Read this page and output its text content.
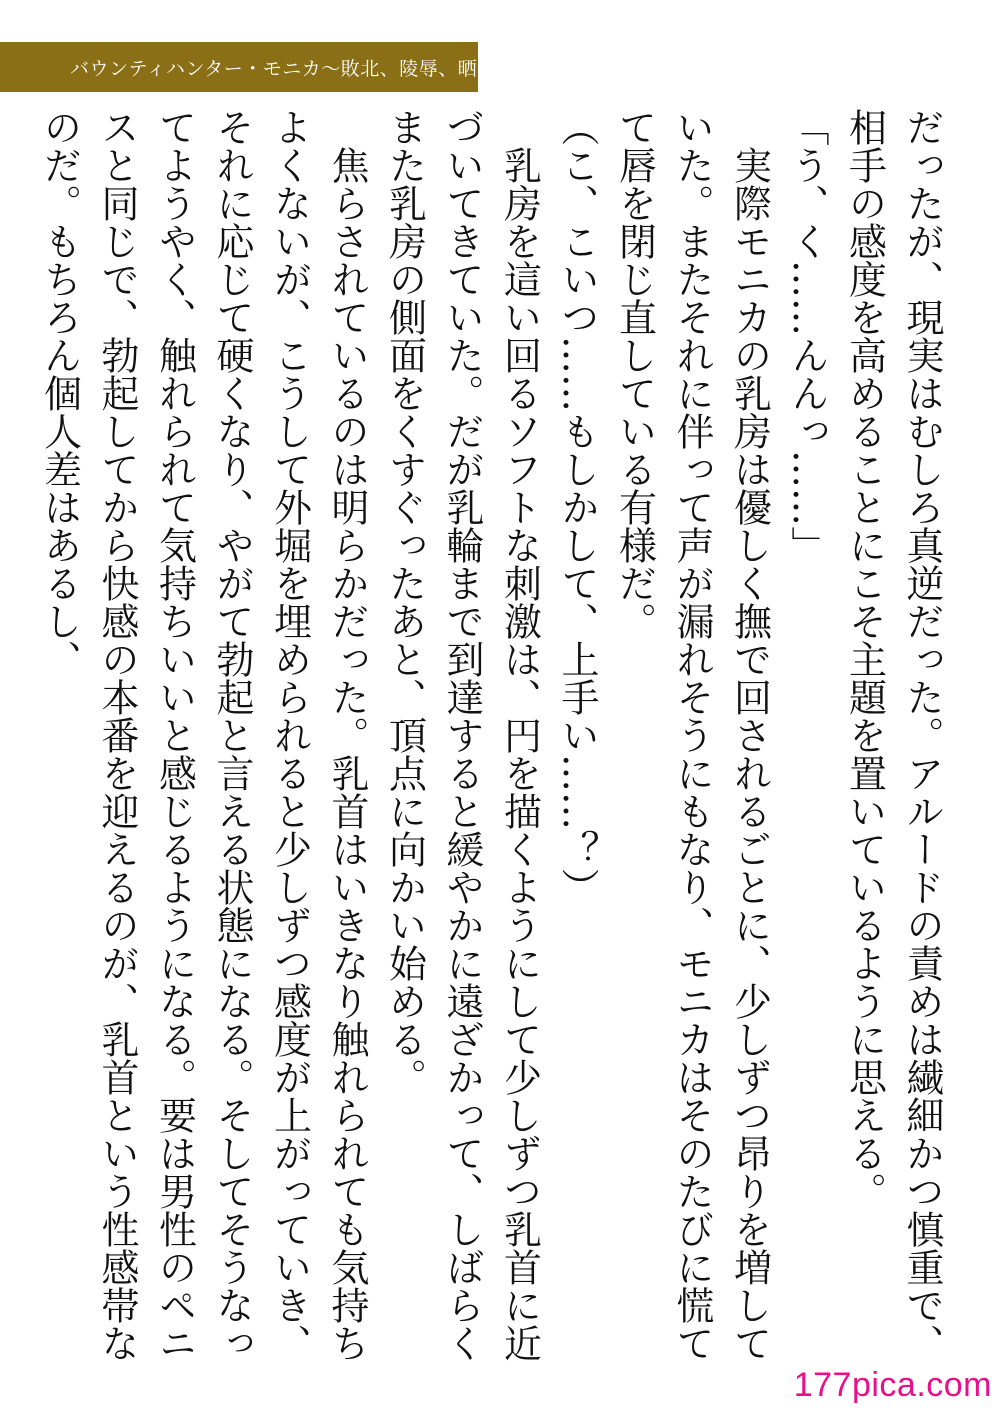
バウンティハンター・モニカ〜敗北、陵辱、晒し者〜

だったが、現実はむしろ真逆だった。アルードの責めは繊細かつ慎重で、相手の感度を高めることにこそ主題を置いているように思える。

「う、く……んんっ……」

実際モニカの乳房は優しく撫で回されるごとに、少しずつ昂りを増していた。またそれに伴って声が漏れそうにもなり、モニカはそのたびに慌てて唇を閉じ直している有様だ。

（こ、こいつ……もしかして、上手い……？）

乳房を這い回るソフトな刺激は、円を描くようにして少しずつ乳首に近づいてきていた。だが乳輪まで到達すると緩やかに遠ざかって、しばらくまた乳房の側面をくすぐったあと、頂点に向かい始める。

焦らされているのは明らかだった。乳首はいきなり触れられても気持ちよくないが、こうして外堀を埋められると少しずつ感度が上がっていき、それに応じて硬くなり、やがて勃起と言える状態になる。そしてそうなってようやく、触れられて気持ちいいと感じるようになる。要は男性のペニスと同じで、勃起してから快感の本番を迎えるのが、乳首という性感帯なのだ。もちろん個人差はあるし、

177pica.com
